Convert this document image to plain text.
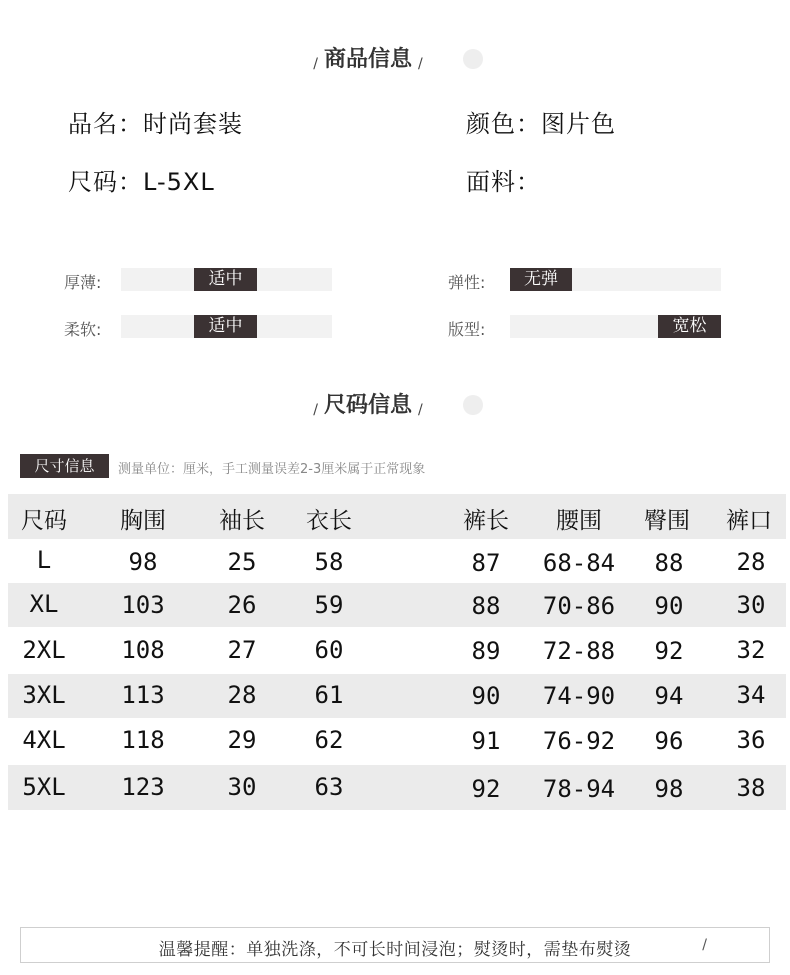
/ 商品信息 /
品名：时尚套装	颜色：图片色
尺码：L-5XL	面料：
厚薄:	适中
柔软:	适中
弹性:	无弹
版型:	宽松
/ 尺码信息 /
尺寸信息	测量单位：厘米，手工测量误差2-3厘米属于正常现象
尺码	胸围	袖长	衣长	裤长	腰围	臀围	裤口
L	98	25	58	87	68-84	88	28
XL	103	26	59	88	70-86	90	30
2XL	108	27	60	89	72-88	92	32
3XL	113	28	61	90	74-90	94	34
4XL	118	29	62	91	76-92	96	36
5XL	123	30	63	92	78-94	98	38
温馨提醒：单独洗涤，不可长时间浸泡；熨烫时，需垫布熨烫	/
